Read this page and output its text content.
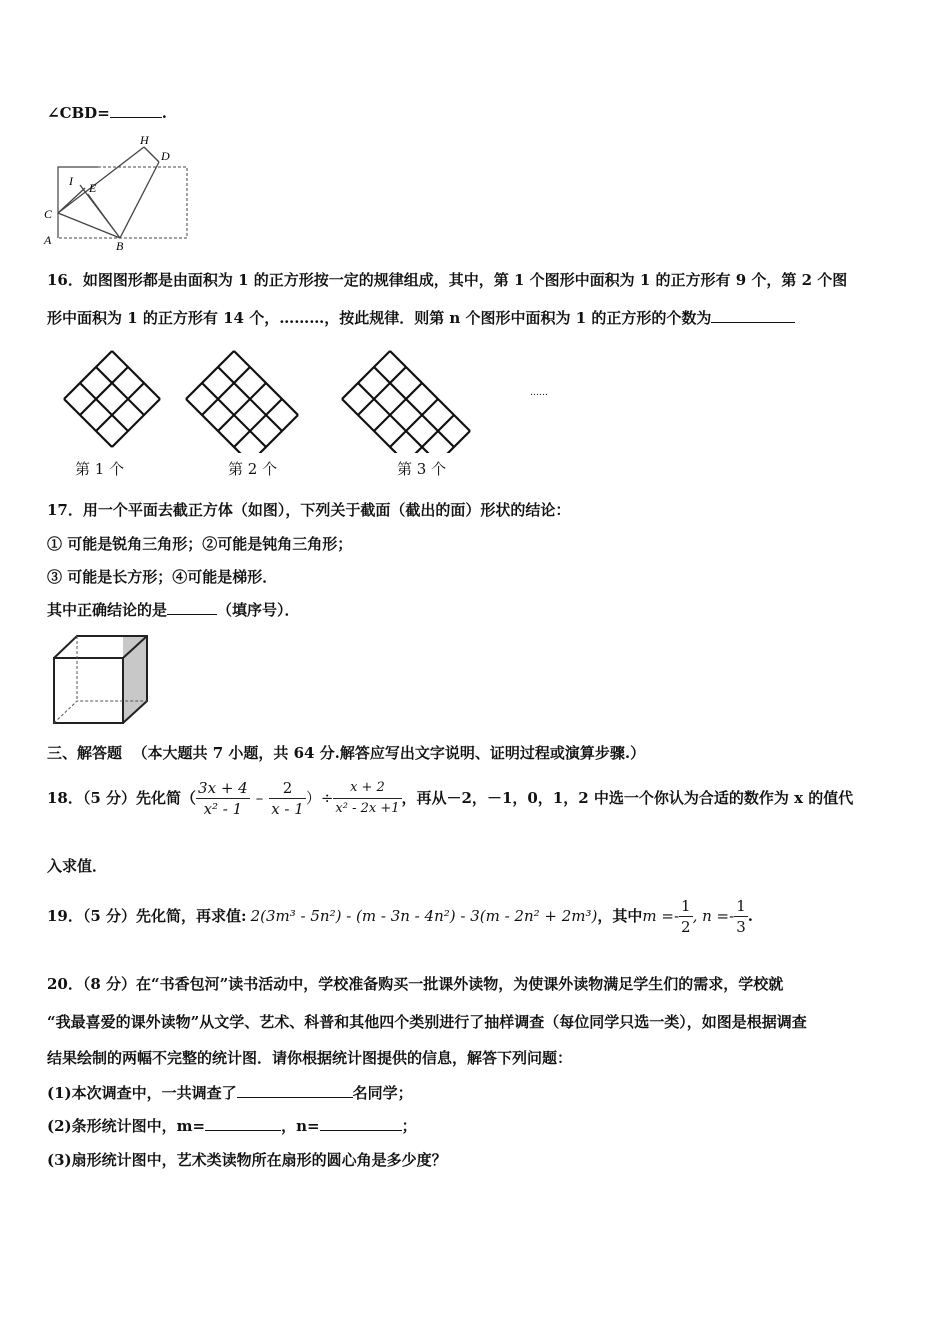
∠CBD=	.
H
D
I E
C
A	B
16．如图图形都是由面积为 1 的正方形按一定的规律组成，其中，第 1 个图形中面积为 1 的正方形有 9 个，第 2 个图
形中面积为 1 的正方形有 14 个，………，按此规律．则第 n 个图形中面积为 1 的正方形的个数为
……
第 1 个	第 2 个	第 3 个
17．用一个平面去截正方体（如图），下列关于截面（截出的面）形状的结论：
① 可能是锐角三角形；②可能是钝角三角形；
③ 可能是长方形；④可能是梯形．
其中正确结论的是	（填序号）．
三、解答题 （本大题共 7 小题，共 64 分.解答应写出文字说明、证明过程或演算步骤.）
18．（5 分）先化简（ $\frac{3x + 4}{\text{x² - 1}} - \frac{2}{x - 1}$ ）÷ $\frac{x + 2}{\text{x² - 2x +1}}$ ，再从－2，－1，0，1，2 中选一个你认为合适的数作为 x 的值代
入求值．
19．（5 分）先化简，再求值: 2(3m³ - 5n²) - (m - 3n - 4n²) - 3(m - 2n² + 2m³) ，其中 $m =- \frac{1}{2}$ , $n =- \frac{1}{3}$ .
20．（8 分）在“书香包河”读书活动中，学校准备购买一批课外读物，为使课外读物满足学生们的需求，学校就
“我最喜爱的课外读物”从文学、艺术、科普和其他四个类别进行了抽样调查（每位同学只选一类），如图是根据调查
结果绘制的两幅不完整的统计图．请你根据统计图提供的信息，解答下列问题：
(1)本次调查中，一共调查了	名同学；
(2)条形统计图中，m=	，n=	；
(3)扇形统计图中，艺术类读物所在扇形的圆心角是多少度？
